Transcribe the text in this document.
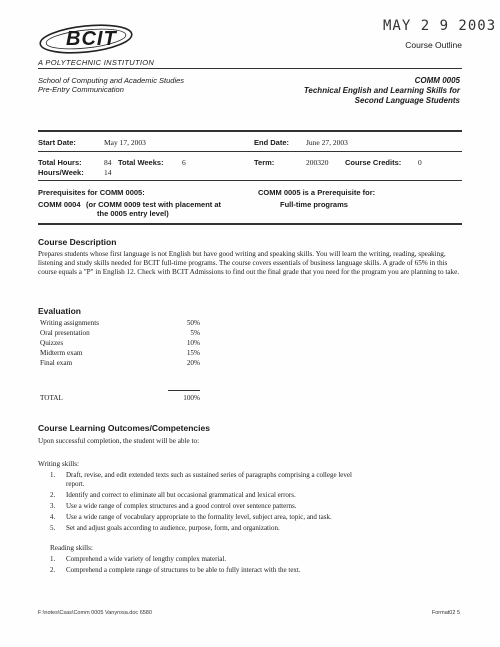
MAY 2 9 2003
BCIT	Course Outline
A POLYTECHNIC INSTITUTION
School of Computing and Academic Studies
Pre-Entry Communication
COMM 0005
Technical English and Learning Skills for
Second Language Students
Start Date:	May 17, 2003	End Date: June 27, 2003
Total Hours:	84 Total Weeks: 6	Term:	200320 Course Credits: 0
Hours/Week:	14
Prerequisites for COMM 0005:
COMM 0004 (or COMM 0009 test with placement at
the 0005 entry level)
COMM 0005 is a Prerequisite for:
Full-time programs
Course Description
Prepares students whose first language is not English but have good writing and speaking skills. You will learn the writing, reading, speaking, listening and study skills needed for BCIT full-time programs. The course covers essentials of business language skills. A grade of 65% in this course equals a "P" in English 12. Check with BCIT Admissions to find out the final grade that you need for the program you are planning to take.
Evaluation
Writing assignments	50%
Oral presentation	5%
Quizzes	10%
Midterm exam	15%
Final exam	20%
TOTAL	100%
Course Learning Outcomes/Competencies
Upon successful completion, the student will be able to:
Writing skills:
1. Draft, revise, and edit extended texts such as sustained series of paragraphs comprising a college level
report.
2. Identify and correct to eliminate all but occasional grammatical and lexical errors.
3. Use a wide range of complex structures and a good control over sentence patterns.
4. Use a wide range of vocabulary appropriate to the formality level, subject area, topic, and task.
5. Set and adjust goals according to audience, purpose, form, and organization.
Reading skills:
1. Comprehend a wide variety of lengthy complex material.
2. Comprehend a complete range of structures to be able to fully interact with the text.
F:\notes\Csas\Comm 0005 Vanyrosa.doc 6580	Format02 5
